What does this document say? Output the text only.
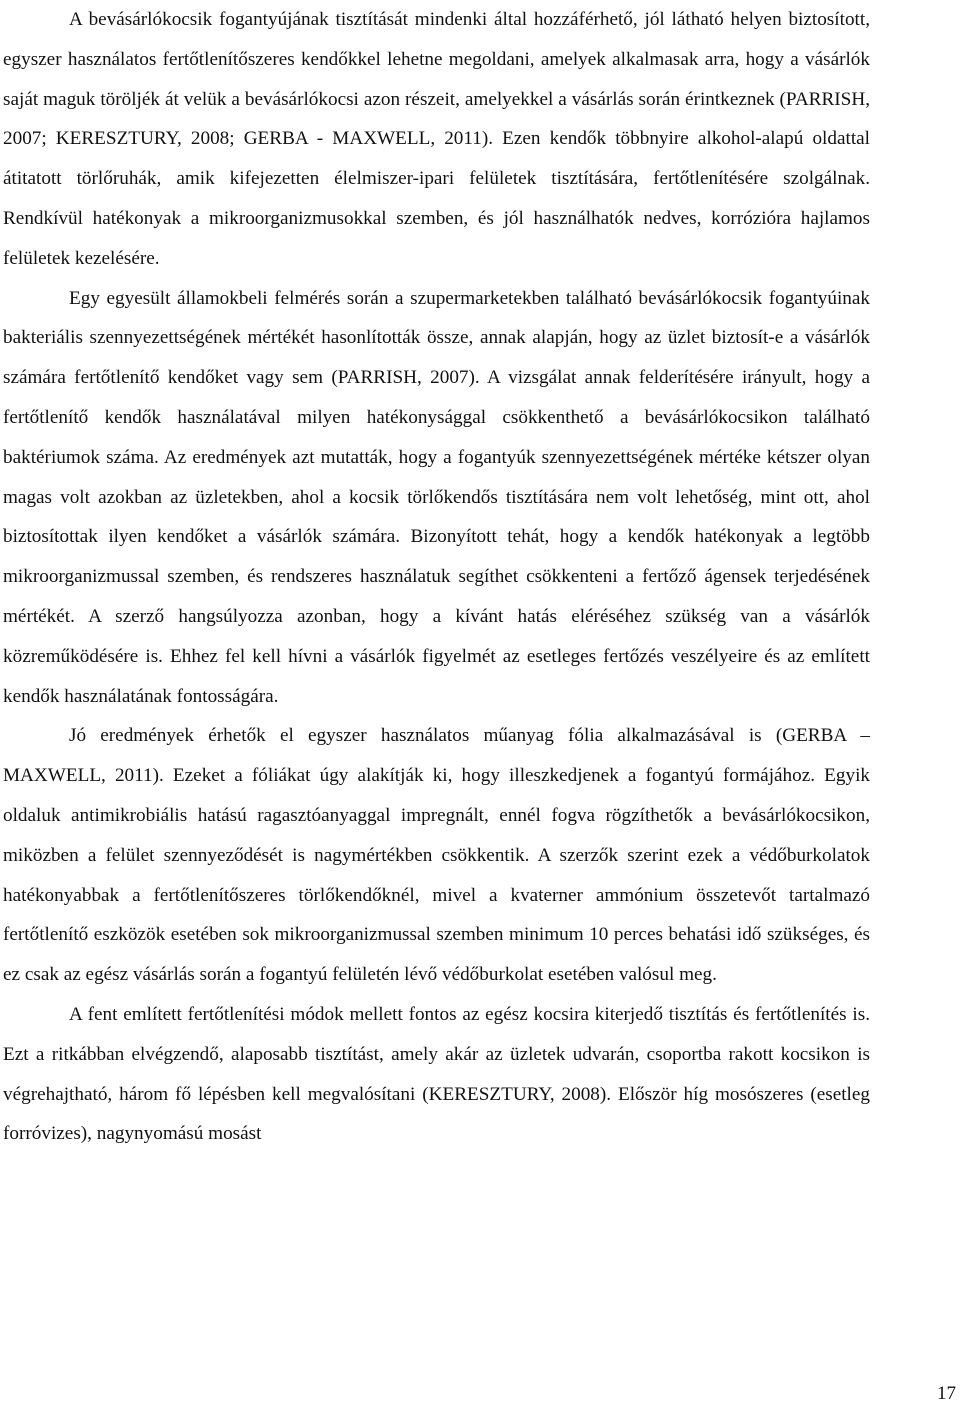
A bevásárlókocsik fogantyújának tisztítását mindenki által hozzáférhető, jól látható helyen biztosított, egyszer használatos fertőtlenítőszeres kendőkkel lehetne megoldani, amelyek alkalmasak arra, hogy a vásárlók saját maguk töröljék át velük a bevásárlókocsi azon részeit, amelyekkel a vásárlás során érintkeznek (PARRISH, 2007; KERESZTURY, 2008; GERBA - MAXWELL, 2011). Ezen kendők többnyire alkohol-alapú oldattal átitatott törlőruhák, amik kifejezetten élelmiszer-ipari felületek tisztítására, fertőtlenítésére szolgálnak. Rendkívül hatékonyak a mikroorganizmusokkal szemben, és jól használhatók nedves, korrózióra hajlamos felületek kezelésére.

Egy egyesült államokbeli felmérés során a szupermarketekben található bevásárlókocsik fogantyúinak bakteriális szennyezettségének mértékét hasonlították össze, annak alapján, hogy az üzlet biztosít-e a vásárlók számára fertőtlenítő kendőket vagy sem (PARRISH, 2007). A vizsgálat annak felderítésére irányult, hogy a fertőtlenítő kendők használatával milyen hatékonysággal csökkenthető a bevásárlókocsikon található baktériumok száma. Az eredmények azt mutatták, hogy a fogantyúk szennyezettségének mértéke kétszer olyan magas volt azokban az üzletekben, ahol a kocsik törlőkendős tisztítására nem volt lehetőség, mint ott, ahol biztosítottak ilyen kendőket a vásárlók számára. Bizonyított tehát, hogy a kendők hatékonyak a legtöbb mikroorganizmussal szemben, és rendszeres használatuk segíthet csökkenteni a fertőző ágensek terjedésének mértékét. A szerző hangsúlyozza azonban, hogy a kívánt hatás eléréséhez szükség van a vásárlók közreműködésére is. Ehhez fel kell hívni a vásárlók figyelmét az esetleges fertőzés veszélyeire és az említett kendők használatának fontosságára.

Jó eredmények érhetők el egyszer használatos műanyag fólia alkalmazásával is (GERBA – MAXWELL, 2011). Ezeket a fóliákat úgy alakítják ki, hogy illeszkedjenek a fogantyú formájához. Egyik oldaluk antimikrobiális hatású ragasztóanyaggal impregnált, ennél fogva rögzíthetők a bevásárlókocsikon, miközben a felület szennyeződését is nagymértékben csökkentik. A szerzők szerint ezek a védőburkolatok hatékonyabbak a fertőtlenítőszeres törlőkendőknél, mivel a kvaterner ammónium összetevőt tartalmazó fertőtlenítő eszközök esetében sok mikroorganizmussal szemben minimum 10 perces behatási idő szükséges, és ez csak az egész vásárlás során a fogantyú felületén lévő védőburkolat esetében valósul meg.

A fent említett fertőtlenítési módok mellett fontos az egész kocsira kiterjedő tisztítás és fertőtlenítés is. Ezt a ritkábban elvégzendő, alaposabb tisztítást, amely akár az üzletek udvarán, csoportba rakott kocsikon is végrehajtható, három fő lépésben kell megvalósítani (KERESZTURY, 2008). Először híg mosószeres (esetleg forróvizes), nagynyomású mosást

17
